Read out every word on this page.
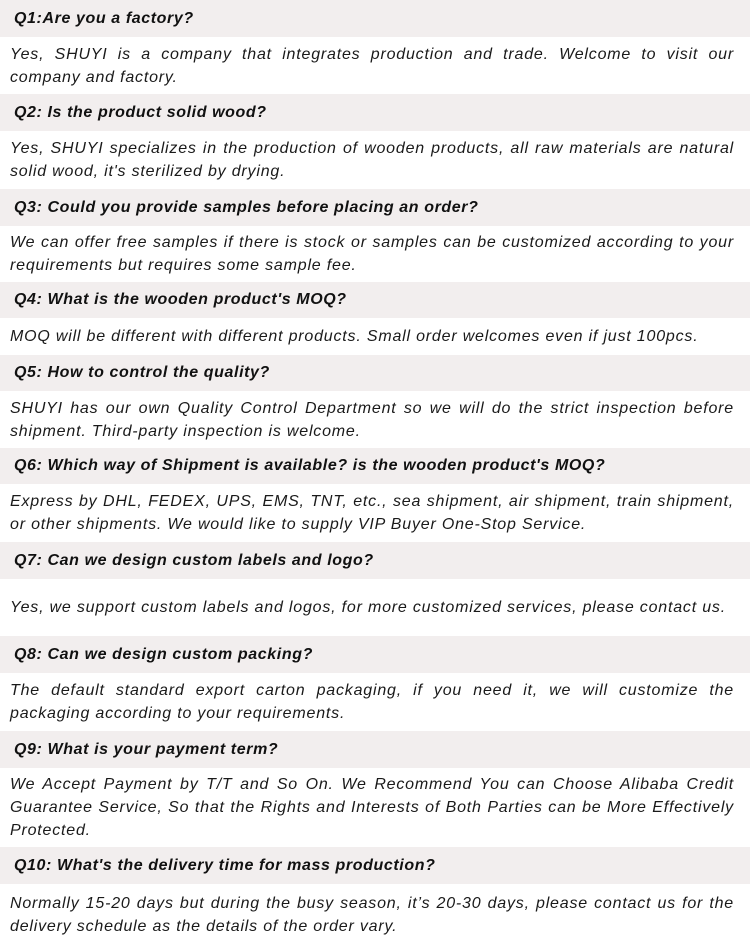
Q1:Are you a factory?
Yes, SHUYI is a company that integrates production and trade. Welcome to visit our company and factory.
Q2: Is the product solid wood?
Yes, SHUYI specializes in the production of wooden products, all raw materials are natural solid wood, it's sterilized by drying.
Q3: Could you provide samples before placing an order?
We can offer free samples if there is stock or samples can be customized according to your requirements but requires some sample fee.
Q4: What is the wooden product's MOQ?
MOQ will be different with different products. Small order welcomes even if just 100pcs.
Q5: How to control the quality?
SHUYI has our own Quality Control Department so we will do the strict inspection before shipment. Third-party inspection is welcome.
Q6: Which way of Shipment is available? is the wooden product's MOQ?
Express by DHL, FEDEX, UPS, EMS, TNT, etc., sea shipment, air shipment, train shipment, or other shipments. We would like to supply VIP Buyer One-Stop Service.
Q7: Can we design custom labels and logo?
Yes, we support custom labels and logos, for more customized services, please contact us.
Q8: Can we design custom packing?
The default standard export carton packaging, if you need it, we will customize the packaging according to your requirements.
Q9: What is your payment term?
We Accept Payment by T/T and So On. We Recommend You can Choose Alibaba Credit Guarantee Service, So that the Rights and Interests of Both Parties can be More Effectively Protected.
Q10: What's the delivery time for mass production?
Normally 15-20 days but during the busy season, it’s 20-30 days, please contact us for the delivery schedule as the details of the order vary.
